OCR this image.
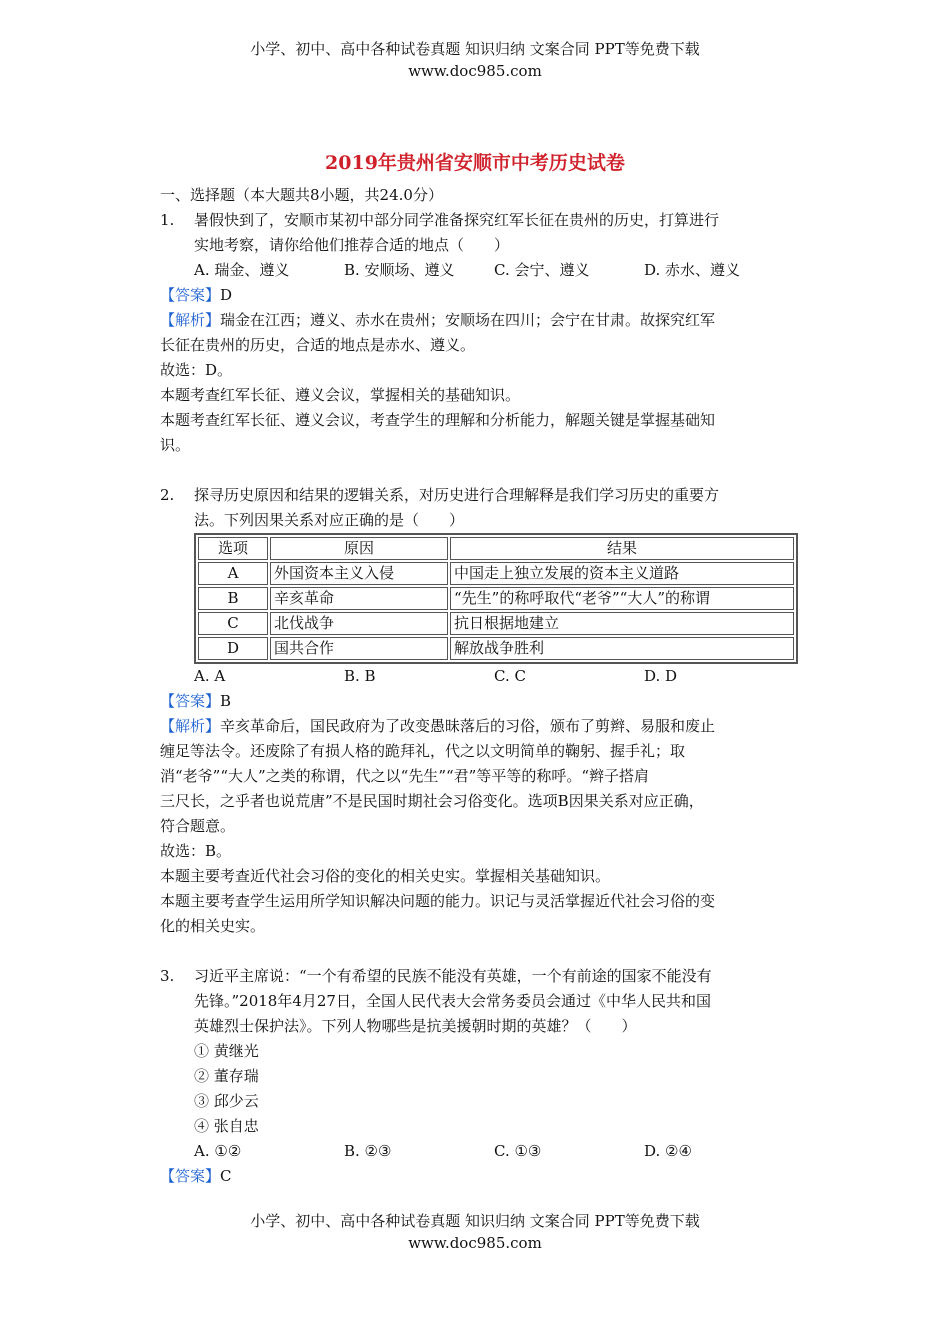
小学、初中、高中各种试卷真题 知识归纳 文案合同 PPT等免费下载
www.doc985.com
2019年贵州省安顺市中考历史试卷
一、选择题（本大题共8小题，共24.0分）
1. 暑假快到了，安顺市某初中部分同学准备探究红军长征在贵州的历史，打算进行
实地考察，请你给他们推荐合适的地点（　　）
A. 瑞金、遵义	B. 安顺场、遵义	C. 会宁、遵义	D. 赤水、遵义
【答案】D
【解析】瑞金在江西；遵义、赤水在贵州；安顺场在四川；会宁在甘肃。故探究红军
长征在贵州的历史，合适的地点是赤水、遵义。
故选：D。
本题考查红军长征、遵义会议，掌握相关的基础知识。
本题考查红军长征、遵义会议，考查学生的理解和分析能力，解题关键是掌握基础知
识。
2. 探寻历史原因和结果的逻辑关系，对历史进行合理解释是我们学习历史的重要方
法。下列因果关系对应正确的是（　　）
选项	原因	结果
A	外国资本主义入侵	中国走上独立发展的资本主义道路
B	辛亥革命	“先生”的称呼取代“老爷”“大人”的称谓
C	北伐战争	抗日根据地建立
D	国共合作	解放战争胜利
A. A	B. B	C. C	D. D
【答案】B
【解析】辛亥革命后，国民政府为了改变愚昧落后的习俗，颁布了剪辫、易服和废止
缠足等法令。还废除了有损人格的跪拜礼，代之以文明简单的鞠躬、握手礼；取
消“老爷”“大人”之类的称谓，代之以“先生”“君”等平等的称呼。“辫子搭肩
三尺长，之乎者也说荒唐”不是民国时期社会习俗变化。选项B因果关系对应正确，
符合题意。
故选：B。
本题主要考查近代社会习俗的变化的相关史实。掌握相关基础知识。
本题主要考查学生运用所学知识解决问题的能力。识记与灵活掌握近代社会习俗的变
化的相关史实。
3. 习近平主席说：“一个有希望的民族不能没有英雄，一个有前途的国家不能没有
先锋。”2018年4月27日，全国人民代表大会常务委员会通过《中华人民共和国
英雄烈士保护法》。下列人物哪些是抗美援朝时期的英雄？（　　）
① 黄继光
② 董存瑞
③ 邱少云
④ 张自忠
A. ①②	B. ②③	C. ①③	D. ②④
【答案】C
小学、初中、高中各种试卷真题 知识归纳 文案合同 PPT等免费下载
www.doc985.com
